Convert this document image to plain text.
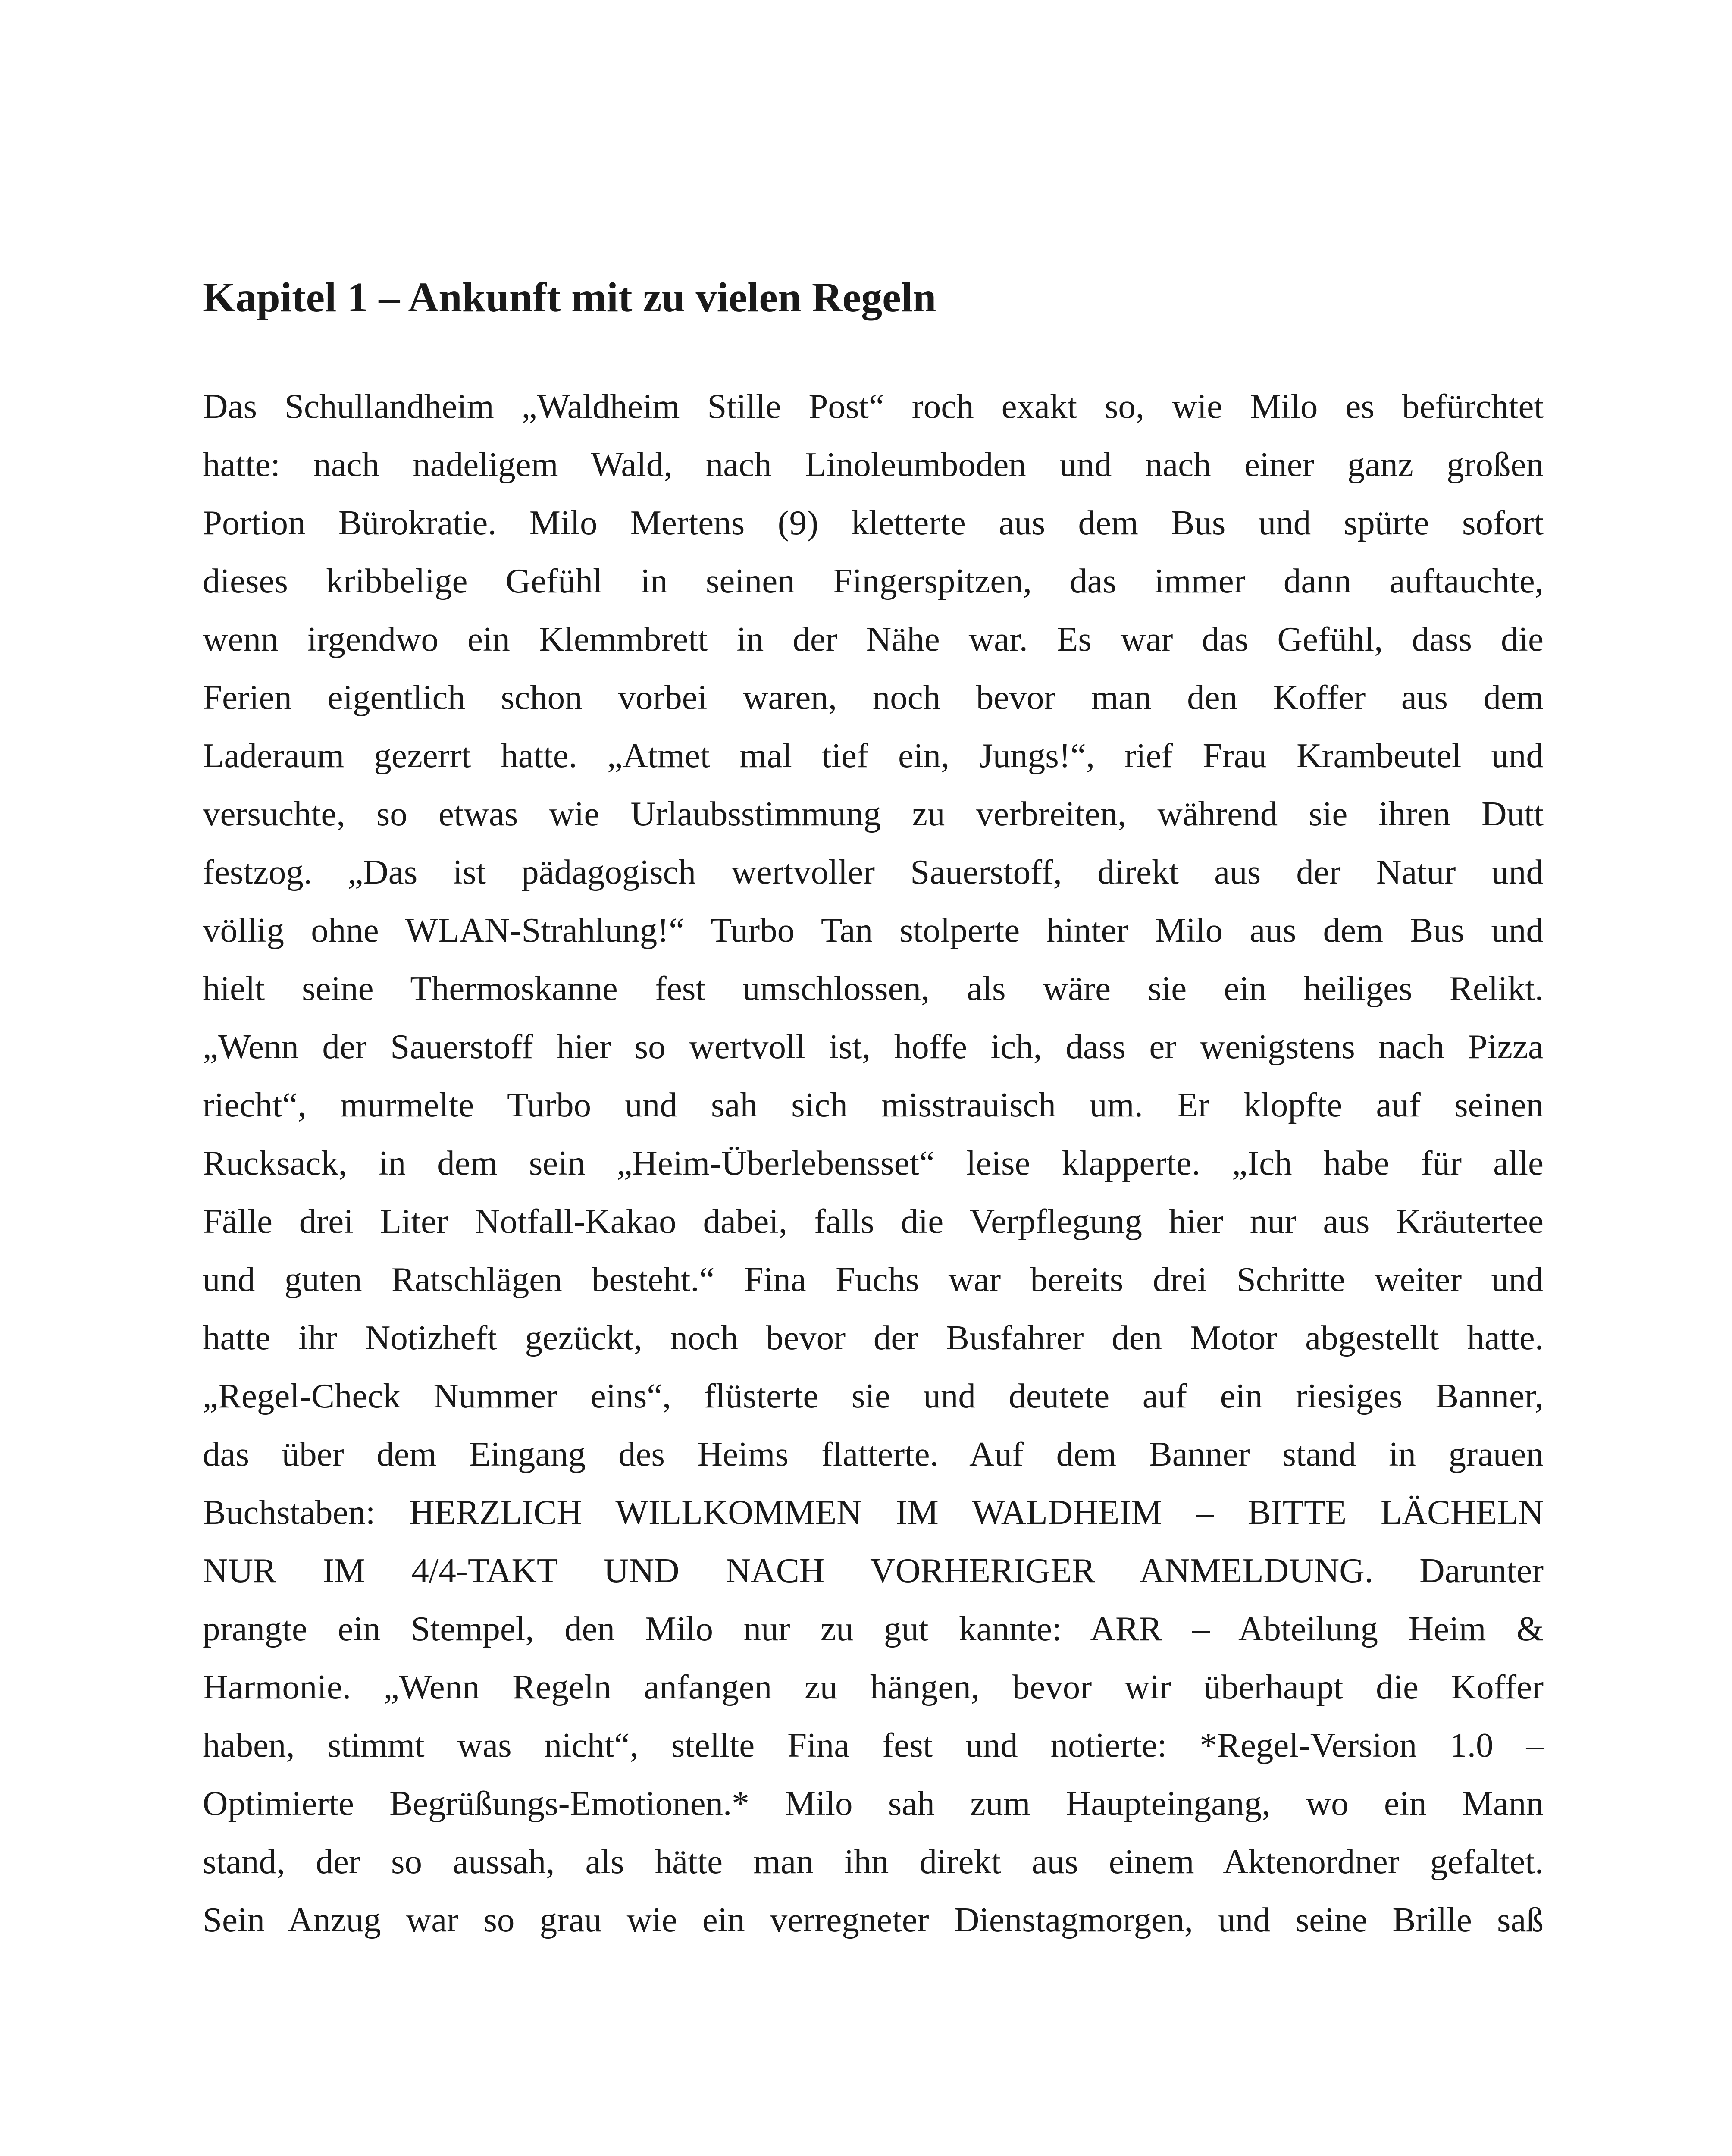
Kapitel 1 – Ankunft mit zu vielen Regeln
Das Schullandheim „Waldheim Stille Post“ roch exakt so, wie Milo es befürchtet
hatte: nach nadeligem Wald, nach Linoleumboden und nach einer ganz großen
Portion Bürokratie. Milo Mertens (9) kletterte aus dem Bus und spürte sofort
dieses kribbelige Gefühl in seinen Fingerspitzen, das immer dann auftauchte,
wenn irgendwo ein Klemmbrett in der Nähe war. Es war das Gefühl, dass die
Ferien eigentlich schon vorbei waren, noch bevor man den Koffer aus dem
Laderaum gezerrt hatte. „Atmet mal tief ein, Jungs!“, rief Frau Krambeutel und
versuchte, so etwas wie Urlaubsstimmung zu verbreiten, während sie ihren Dutt
festzog. „Das ist pädagogisch wertvoller Sauerstoff, direkt aus der Natur und
völlig ohne WLAN-Strahlung!“ Turbo Tan stolperte hinter Milo aus dem Bus und
hielt seine Thermoskanne fest umschlossen, als wäre sie ein heiliges Relikt.
„Wenn der Sauerstoff hier so wertvoll ist, hoffe ich, dass er wenigstens nach Pizza
riecht“, murmelte Turbo und sah sich misstrauisch um. Er klopfte auf seinen
Rucksack, in dem sein „Heim-Überlebensset“ leise klapperte. „Ich habe für alle
Fälle drei Liter Notfall-Kakao dabei, falls die Verpflegung hier nur aus Kräutertee
und guten Ratschlägen besteht.“ Fina Fuchs war bereits drei Schritte weiter und
hatte ihr Notizheft gezückt, noch bevor der Busfahrer den Motor abgestellt hatte.
„Regel-Check Nummer eins“, flüsterte sie und deutete auf ein riesiges Banner,
das über dem Eingang des Heims flatterte. Auf dem Banner stand in grauen
Buchstaben: HERZLICH WILLKOMMEN IM WALDHEIM – BITTE LÄCHELN
NUR IM 4/4-TAKT UND NACH VORHERIGER ANMELDUNG. Darunter
prangte ein Stempel, den Milo nur zu gut kannte: ARR – Abteilung Heim &
Harmonie. „Wenn Regeln anfangen zu hängen, bevor wir überhaupt die Koffer
haben, stimmt was nicht“, stellte Fina fest und notierte: *Regel-Version 1.0 –
Optimierte Begrüßungs-Emotionen.* Milo sah zum Haupteingang, wo ein Mann
stand, der so aussah, als hätte man ihn direkt aus einem Aktenordner gefaltet.
Sein Anzug war so grau wie ein verregneter Dienstagmorgen, und seine Brille saß
